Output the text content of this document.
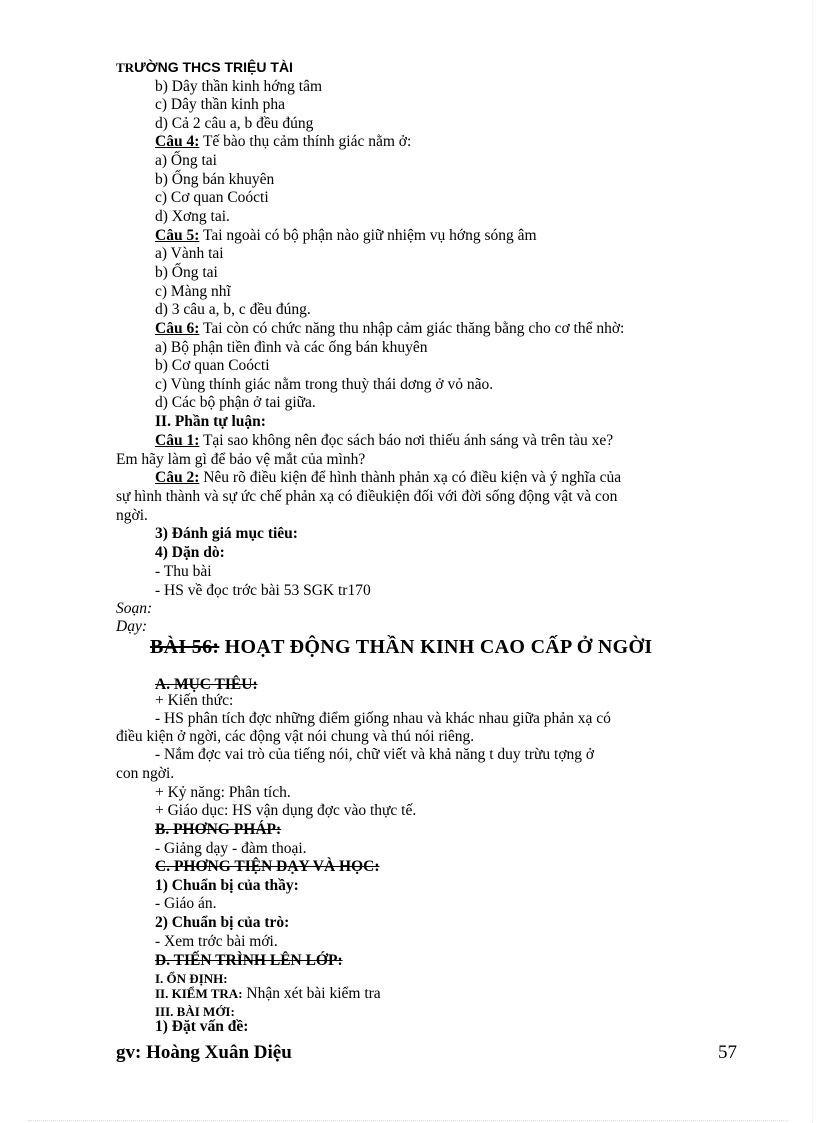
TRƯỜNG THCS TRIỆU TÀI
b) Dây thần kinh hớng tâm
c) Dây thần kinh pha
d) Cả 2 câu a, b đều đúng
Câu 4: Tế bào thụ cảm thính giác nằm ở:
a) Ống tai
b) Ống bán khuyên
c) Cơ quan Coócti
d) Xơng tai.
Câu 5: Tai ngoài có bộ phận nào giữ nhiệm vụ hớng sóng âm
a) Vành tai
b) Ống tai
c) Màng nhĩ
d) 3 câu a, b, c đều đúng.
Câu 6: Tai còn có chức năng thu nhập cảm giác thăng bằng cho cơ thể nhờ:
a) Bộ phận tiền đình và các ống bán khuyên
b) Cơ quan Coócti
c) Vùng thính giác nằm trong thuỳ thái dơng ở vỏ não.
d) Các bộ phận ở tai giữa.
II. Phần tự luận:
Câu 1: Tại sao không nên đọc sách báo nơi thiếu ánh sáng và trên tàu xe?
Em hãy làm gì để bảo vệ mắt của mình?
Câu 2: Nêu rõ điều kiện để hình thành phản xạ có điều kiện và ý nghĩa của
sự hình thành và sự ức chế phản xạ có điềukiện đối với đời sống động vật và con
ngời.
3) Đánh giá mục tiêu:
4) Dặn dò:
- Thu bài
- HS về đọc trớc bài 53 SGK tr170
Soạn:
Dạy:
BÀI 56: HOẠT ĐỘNG THẦN KINH CAO CẤP Ở NGỜI
A. MỤC TIÊU:
+ Kiến thức:
- HS phân tích đợc những điểm giống nhau và khác nhau giữa phản xạ có
điều kiện ở ngời, các động vật nói chung và thú nói riêng.
- Nắm đợc vai trò của tiếng nói, chữ viết và khả năng t duy trừu tợng ở
con ngời.
+ Kỷ năng: Phân tích.
+ Giáo dục: HS vận dụng đợc vào thực tế.
B. PHƠNG PHÁP:
- Giảng dạy - đàm thoại.
C. PHƠNG TIỆN DẠY VÀ HỌC:
1) Chuẩn bị của thầy:
- Giáo án.
2) Chuẩn bị của trò:
- Xem trớc bài mới.
D. TIẾN TRÌNH LÊN LỚP:
I. ỔN ĐỊNH:
II. KIỂM TRA: Nhận xét bài kiểm tra
III. BÀI MỚI:
1) Đặt vấn đề:
gv: Hoàng Xuân Diệu	57
